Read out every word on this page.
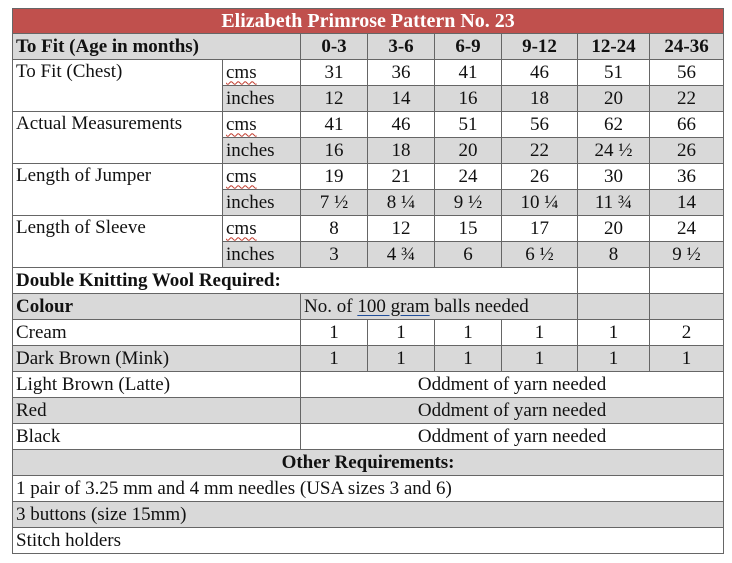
Elizabeth Primrose Pattern No. 23							
To Fit (Age in months)		0-3	3-6	6-9	9-12	12-24	24-36
To Fit (Chest)	cms	31	36	41	46	51	56
	inches	12	14	16	18	20	22
Actual Measurements	cms	41	46	51	56	62	66
	inches	16	18	20	22	24 ½	26
Length of Jumper	cms	19	21	24	26	30	36
	inches	7 ½	8 ¼	9 ½	10 ¼	11 ¾	14
Length of Sleeve	cms	8	12	15	17	20	24
	inches	3	4 ¾	6	6 ½	8	9 ½
Double Knitting Wool Required:							
Colour		No. of 100 gram balls needed					
Cream		1	1	1	1	1	2
Dark Brown (Mink)		1	1	1	1	1	1
Light Brown (Latte)		Oddment of yarn needed					
Red		Oddment of yarn needed					
Black		Oddment of yarn needed					
Other Requirements:							
1 pair of 3.25 mm and 4 mm needles (USA sizes 3 and 6)							
3 buttons (size 15mm)							
Stitch holders							
